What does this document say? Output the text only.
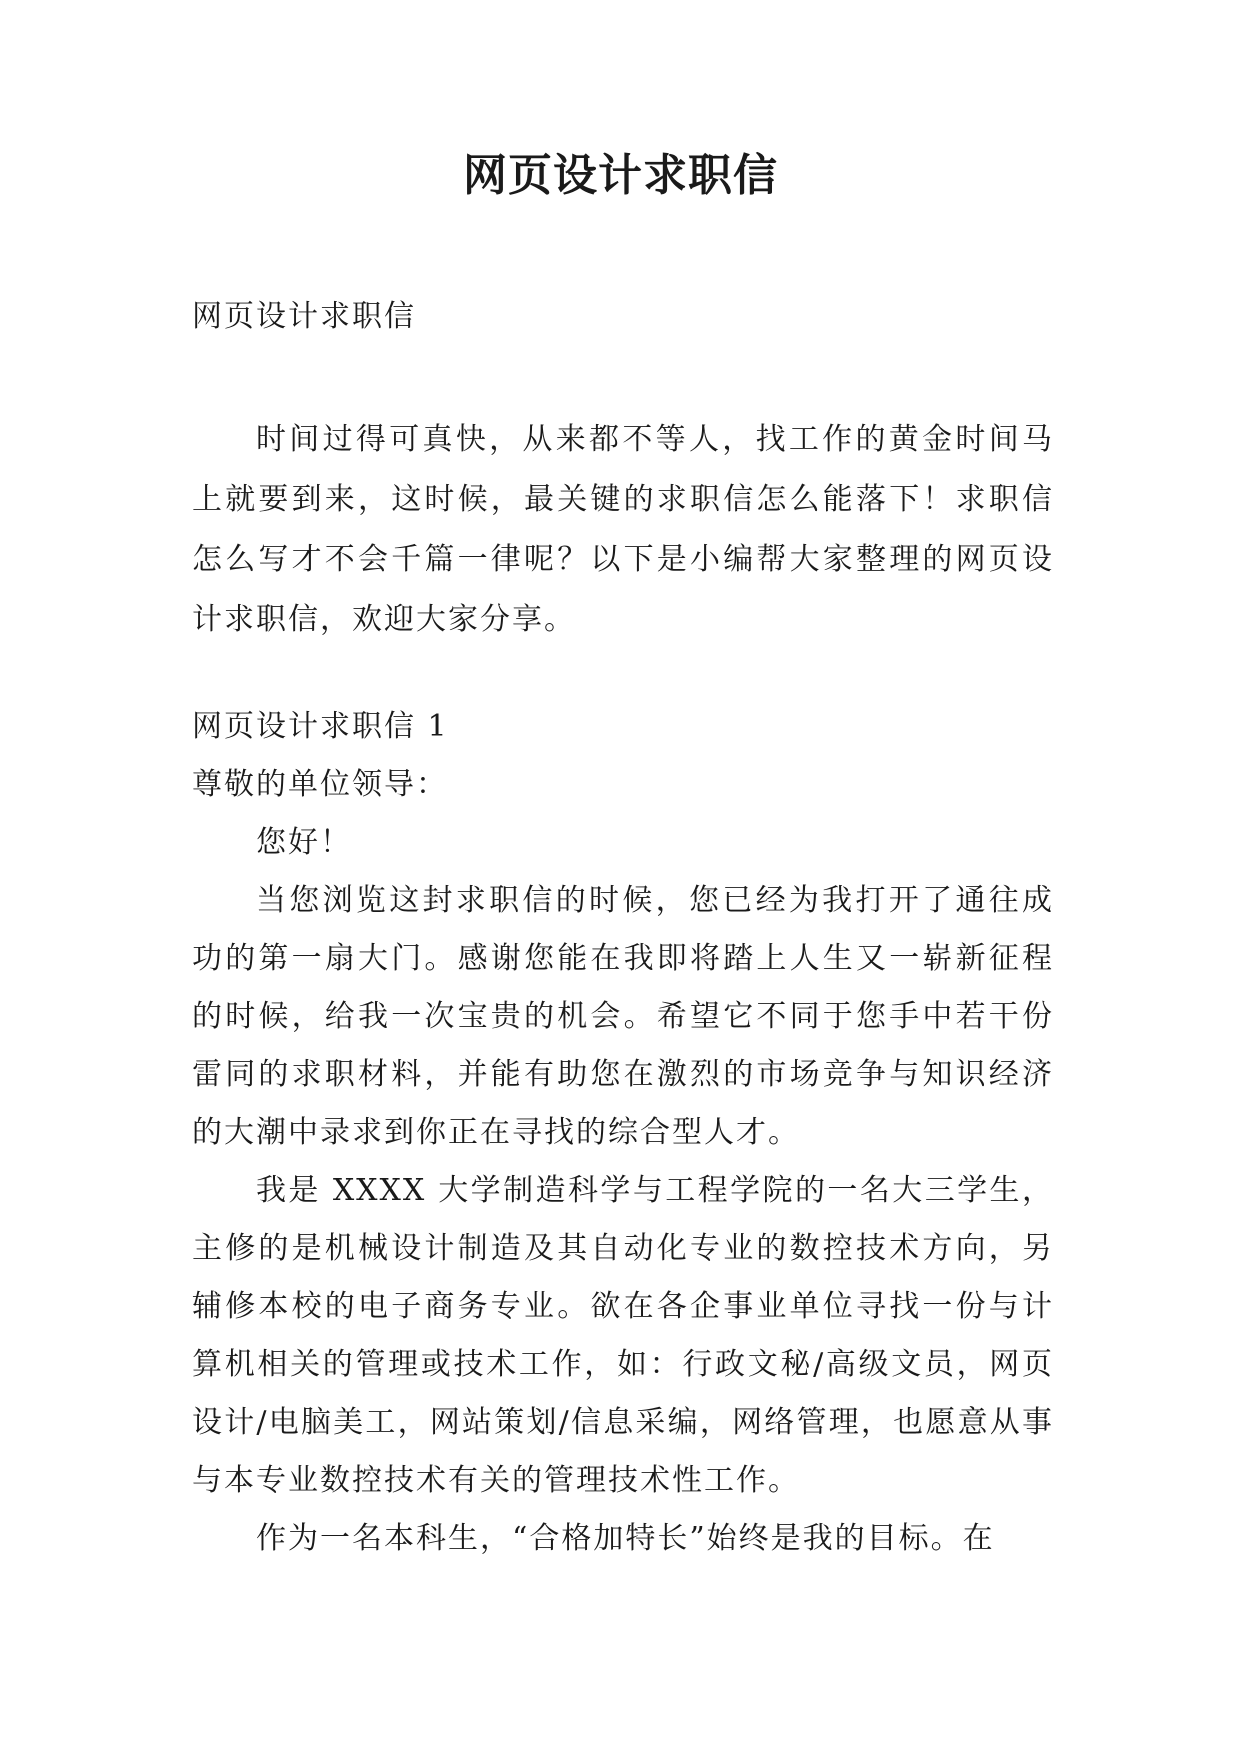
网页设计求职信

网页设计求职信

时间过得可真快，从来都不等人，找工作的黄金时间马上就要到来，这时候，最关键的求职信怎么能落下！求职信怎么写才不会千篇一律呢？以下是小编帮大家整理的网页设计求职信，欢迎大家分享。

网页设计求职信 1

尊敬的单位领导：

您好！

当您浏览这封求职信的时候，您已经为我打开了通往成功的第一扇大门。感谢您能在我即将踏上人生又一崭新征程的时候，给我一次宝贵的机会。希望它不同于您手中若干份雷同的求职材料，并能有助您在激烈的市场竞争与知识经济的大潮中录求到你正在寻找的综合型人才。

我是 XXXX 大学制造科学与工程学院的一名大三学生，主修的是机械设计制造及其自动化专业的数控技术方向，另辅修本校的电子商务专业。欲在各企事业单位寻找一份与计算机相关的管理或技术工作，如：行政文秘/高级文员，网页设计/电脑美工，网站策划/信息采编，网络管理，也愿意从事与本专业数控技术有关的管理技术性工作。

作为一名本科生，“合格加特长”始终是我的目标。在
